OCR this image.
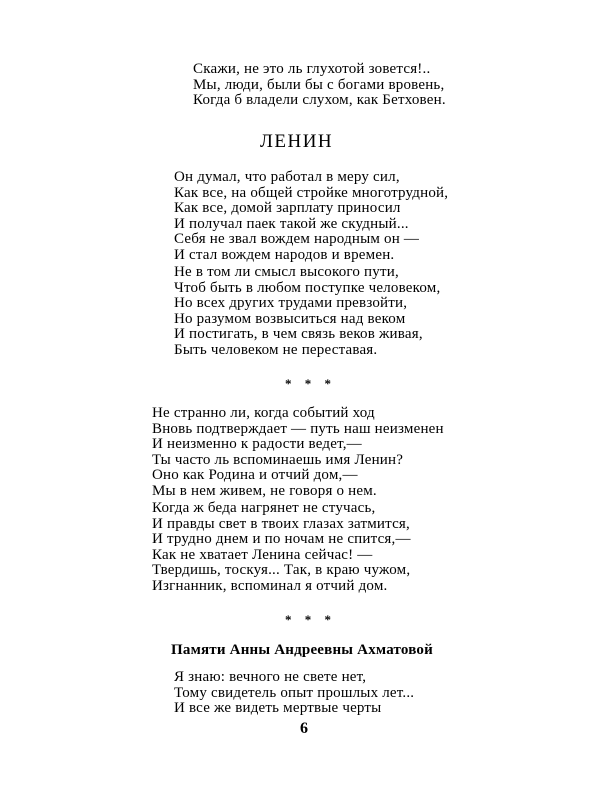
Скажи, не это ль глухотой зовется!..
Мы, люди, были бы с богами вровень,
Когда б владели слухом, как Бетховен.
ЛЕНИН
Он думал, что работал в меру сил,
Как все, на общей стройке многотрудной,
Как все, домой зарплату приносил
И получал паек такой же скудный...
Себя не звал вождем народным он —
И стал вождем народов и времен.
Не в том ли смысл высокого пути,
Чтоб быть в любом поступке человеком,
Но всех других трудами превзойти,
Но разумом возвыситься над веком
И постигать, в чем связь веков живая,
Быть человеком не переставая.
* * *
Не странно ли, когда событий ход
Вновь подтверждает — путь наш неизменен
И неизменно к радости ведет,—
Ты часто ль вспоминаешь имя Ленин?
Оно как Родина и отчий дом,—
Мы в нем живем, не говоря о нем.
Когда ж беда нагрянет не стучась,
И правды свет в твоих глазах затмится,
И трудно днем и по ночам не спится,—
Как не хватает Ленина сейчас! —
Твердишь, тоскуя... Так, в краю чужом,
Изгнанник, вспоминал я отчий дом.
* * *
Памяти Анны Андреевны Ахматовой
Я знаю: вечного не свете нет,
Тому свидетель опыт прошлых лет...
И все же видеть мертвые черты
6
